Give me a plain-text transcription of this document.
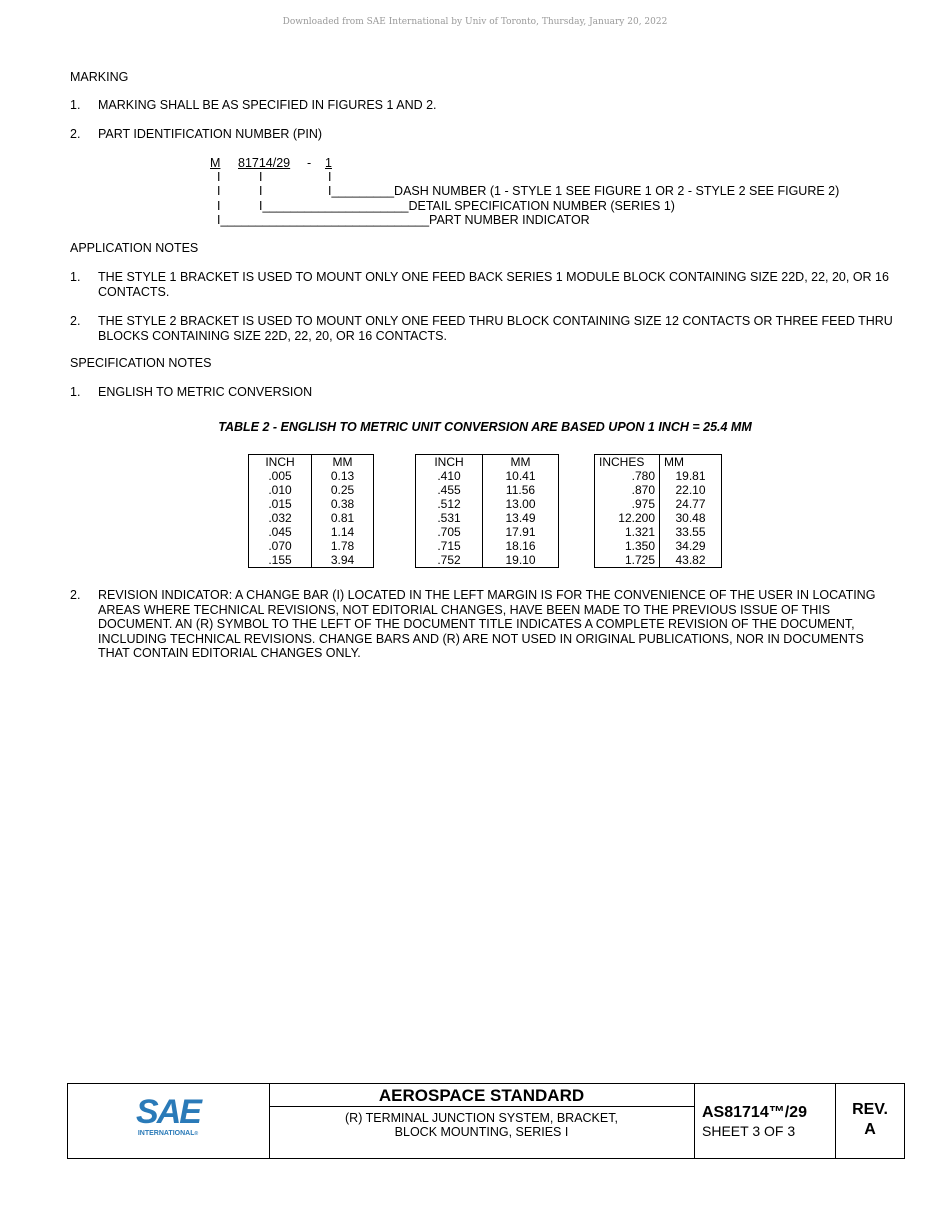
Downloaded from SAE International by Univ of Toronto, Thursday, January 20, 2022
MARKING
1. MARKING SHALL BE AS SPECIFIED IN FIGURES 1 AND 2.
2. PART IDENTIFICATION NUMBER (PIN)
M 81714/29 - 1
I	I	I
I	I	I_________DASH NUMBER (1 - STYLE 1 SEE FIGURE 1 OR 2 - STYLE 2 SEE FIGURE 2)
I	I_____________________DETAIL SPECIFICATION NUMBER (SERIES 1)
I______________________________PART NUMBER INDICATOR
APPLICATION NOTES
1. THE STYLE 1 BRACKET IS USED TO MOUNT ONLY ONE FEED BACK SERIES 1 MODULE BLOCK CONTAINING SIZE 22D, 22, 20, OR 16 CONTACTS.
2. THE STYLE 2 BRACKET IS USED TO MOUNT ONLY ONE FEED THRU BLOCK CONTAINING SIZE 12 CONTACTS OR THREE FEED THRU BLOCKS CONTAINING SIZE 22D, 22, 20, OR 16 CONTACTS.
SPECIFICATION NOTES
1. ENGLISH TO METRIC CONVERSION
TABLE 2 - ENGLISH TO METRIC UNIT CONVERSION ARE BASED UPON 1 INCH = 25.4 MM
INCH	MM
.005	0.13
.010	0.25
.015	0.38
.032	0.81
.045	1.14
.070	1.78
.155	3.94
INCH	MM
.410	10.41
.455	11.56
.512	13.00
.531	13.49
.705	17.91
.715	18.16
.752	19.10
INCHES	MM
.780	19.81
.870	22.10
.975	24.77
12.200	30.48
1.321	33.55
1.350	34.29
1.725	43.82
2. REVISION INDICATOR: A CHANGE BAR (I) LOCATED IN THE LEFT MARGIN IS FOR THE CONVENIENCE OF THE USER IN LOCATING AREAS WHERE TECHNICAL REVISIONS, NOT EDITORIAL CHANGES, HAVE BEEN MADE TO THE PREVIOUS ISSUE OF THIS DOCUMENT. AN (R) SYMBOL TO THE LEFT OF THE DOCUMENT TITLE INDICATES A COMPLETE REVISION OF THE DOCUMENT, INCLUDING TECHNICAL REVISIONS. CHANGE BARS AND (R) ARE NOT USED IN ORIGINAL PUBLICATIONS, NOR IN DOCUMENTS THAT CONTAIN EDITORIAL CHANGES ONLY.
SAE
INTERNATIONAL®
AEROSPACE STANDARD
(R) TERMINAL JUNCTION SYSTEM, BRACKET,
BLOCK MOUNTING, SERIES I
AS81714™/29
SHEET 3 OF 3
REV.
A
